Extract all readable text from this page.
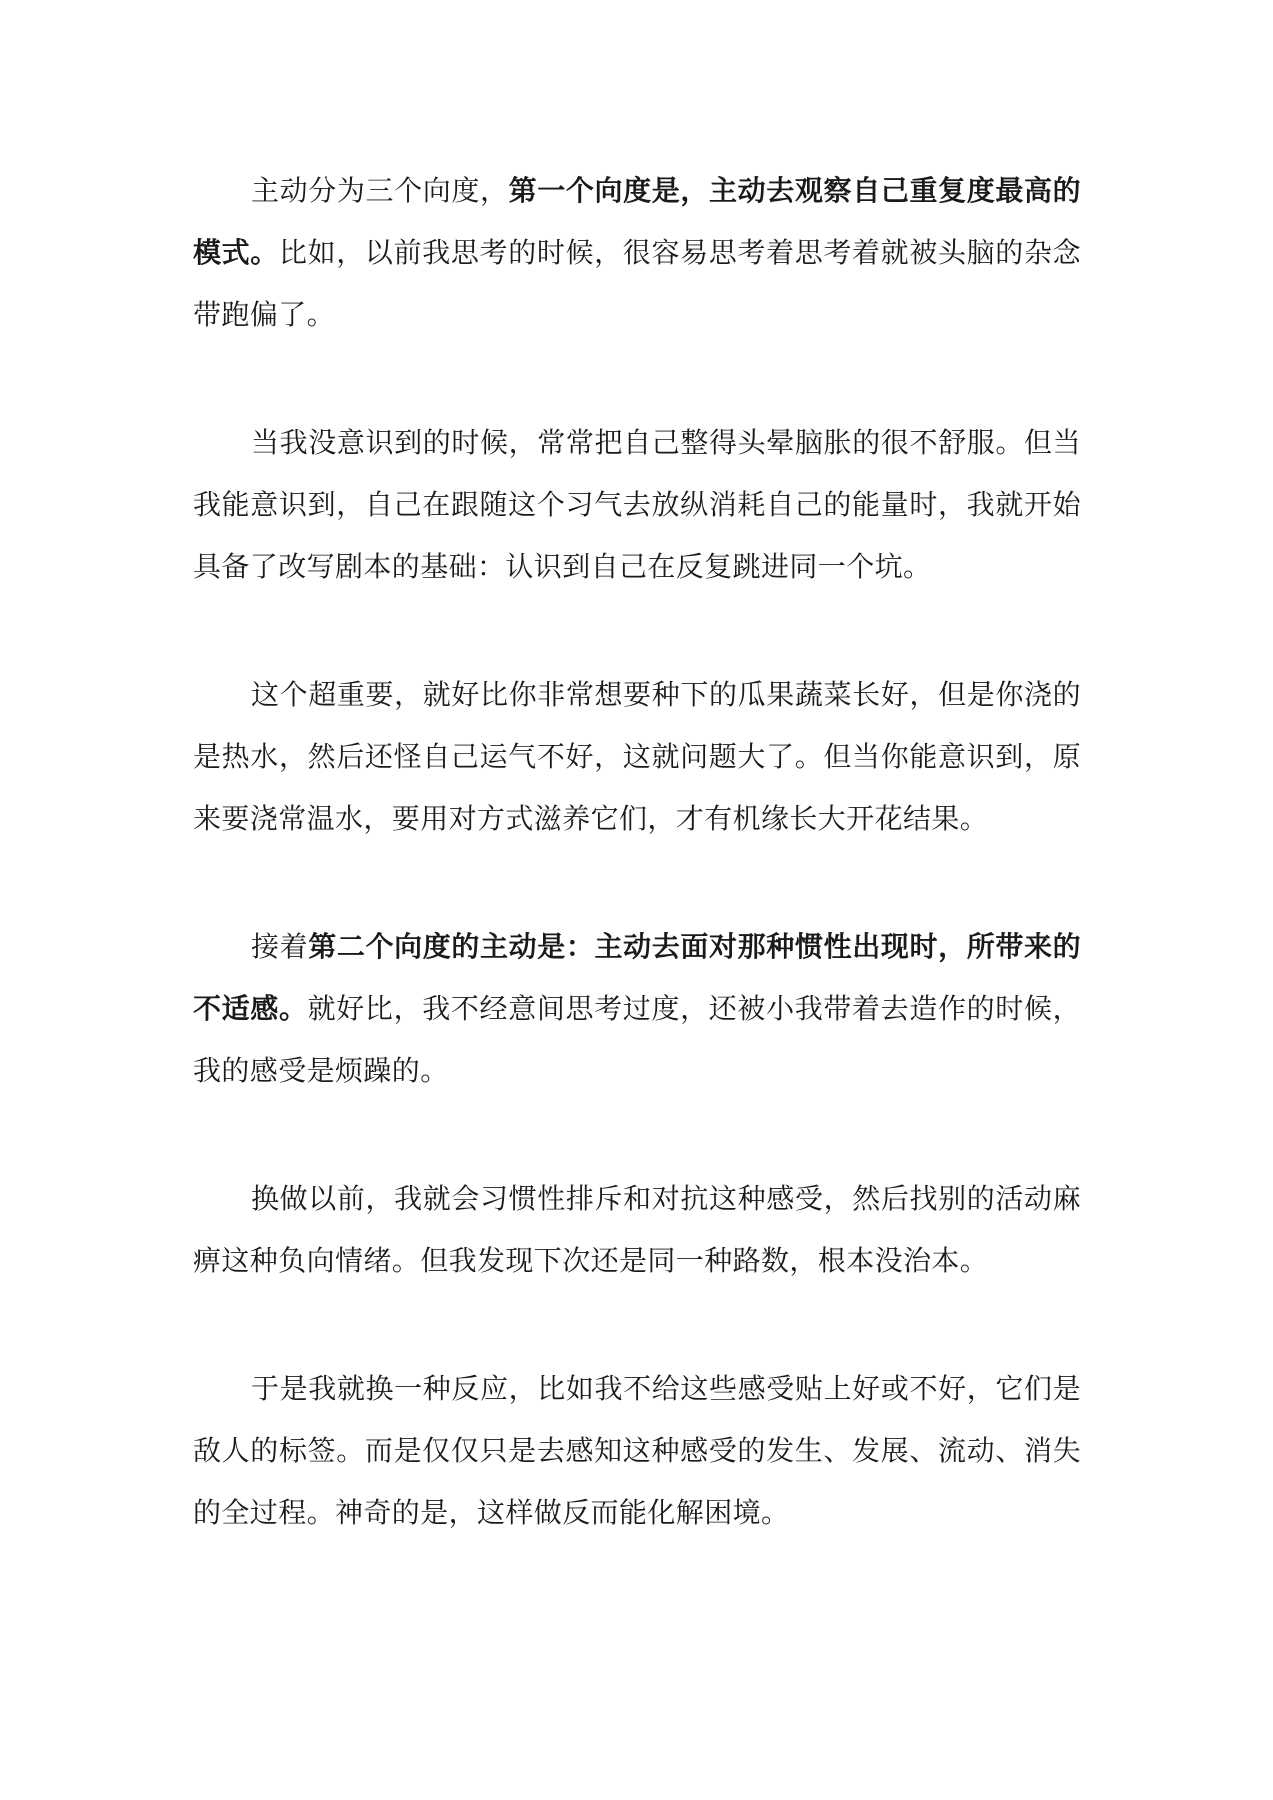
主动分为三个向度，第一个向度是，主动去观察自己重复度最高的模式。比如，以前我思考的时候，很容易思考着思考着就被头脑的杂念带跑偏了。

当我没意识到的时候，常常把自己整得头晕脑胀的很不舒服。但当我能意识到，自己在跟随这个习气去放纵消耗自己的能量时，我就开始具备了改写剧本的基础：认识到自己在反复跳进同一个坑。

这个超重要，就好比你非常想要种下的瓜果蔬菜长好，但是你浇的是热水，然后还怪自己运气不好，这就问题大了。但当你能意识到，原来要浇常温水，要用对方式滋养它们，才有机缘长大开花结果。

接着第二个向度的主动是：主动去面对那种惯性出现时，所带来的不适感。就好比，我不经意间思考过度，还被小我带着去造作的时候，我的感受是烦躁的。

换做以前，我就会习惯性排斥和对抗这种感受，然后找别的活动麻痹这种负向情绪。但我发现下次还是同一种路数，根本没治本。

于是我就换一种反应，比如我不给这些感受贴上好或不好，它们是敌人的标签。而是仅仅只是去感知这种感受的发生、发展、流动、消失的全过程。神奇的是，这样做反而能化解困境。
